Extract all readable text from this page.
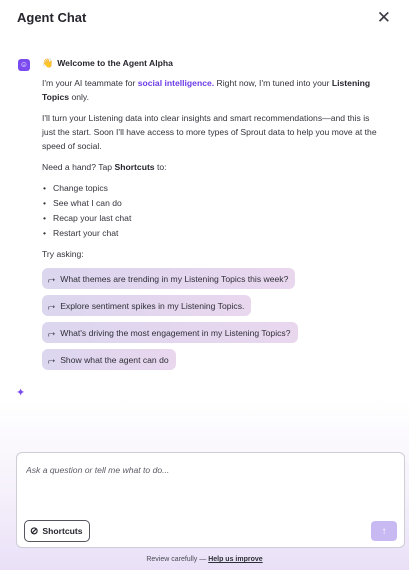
Agent Chat	✕
☺ 👋 Welcome to the Agent Alpha

I'm your AI teammate for social intelligence. Right now, I'm tuned into your Listening Topics only.

I'll turn your Listening data into clear insights and smart recommendations—and this is just the start. Soon I'll have access to more types of Sprout data to help you move at the speed of social.

Need a hand? Tap Shortcuts to:

• Change topics
• See what I can do
• Recap your last chat
• Restart your chat

Try asking:

⮣ What themes are trending in my Listening Topics this week?
⮣ Explore sentiment spikes in my Listening Topics.
⮣ What's driving the most engagement in my Listening Topics?
⮣ Show what the agent can do
✦
Ask a question or tell me what to do...
⊘ Shortcuts	↑
Review carefully — Help us improve
